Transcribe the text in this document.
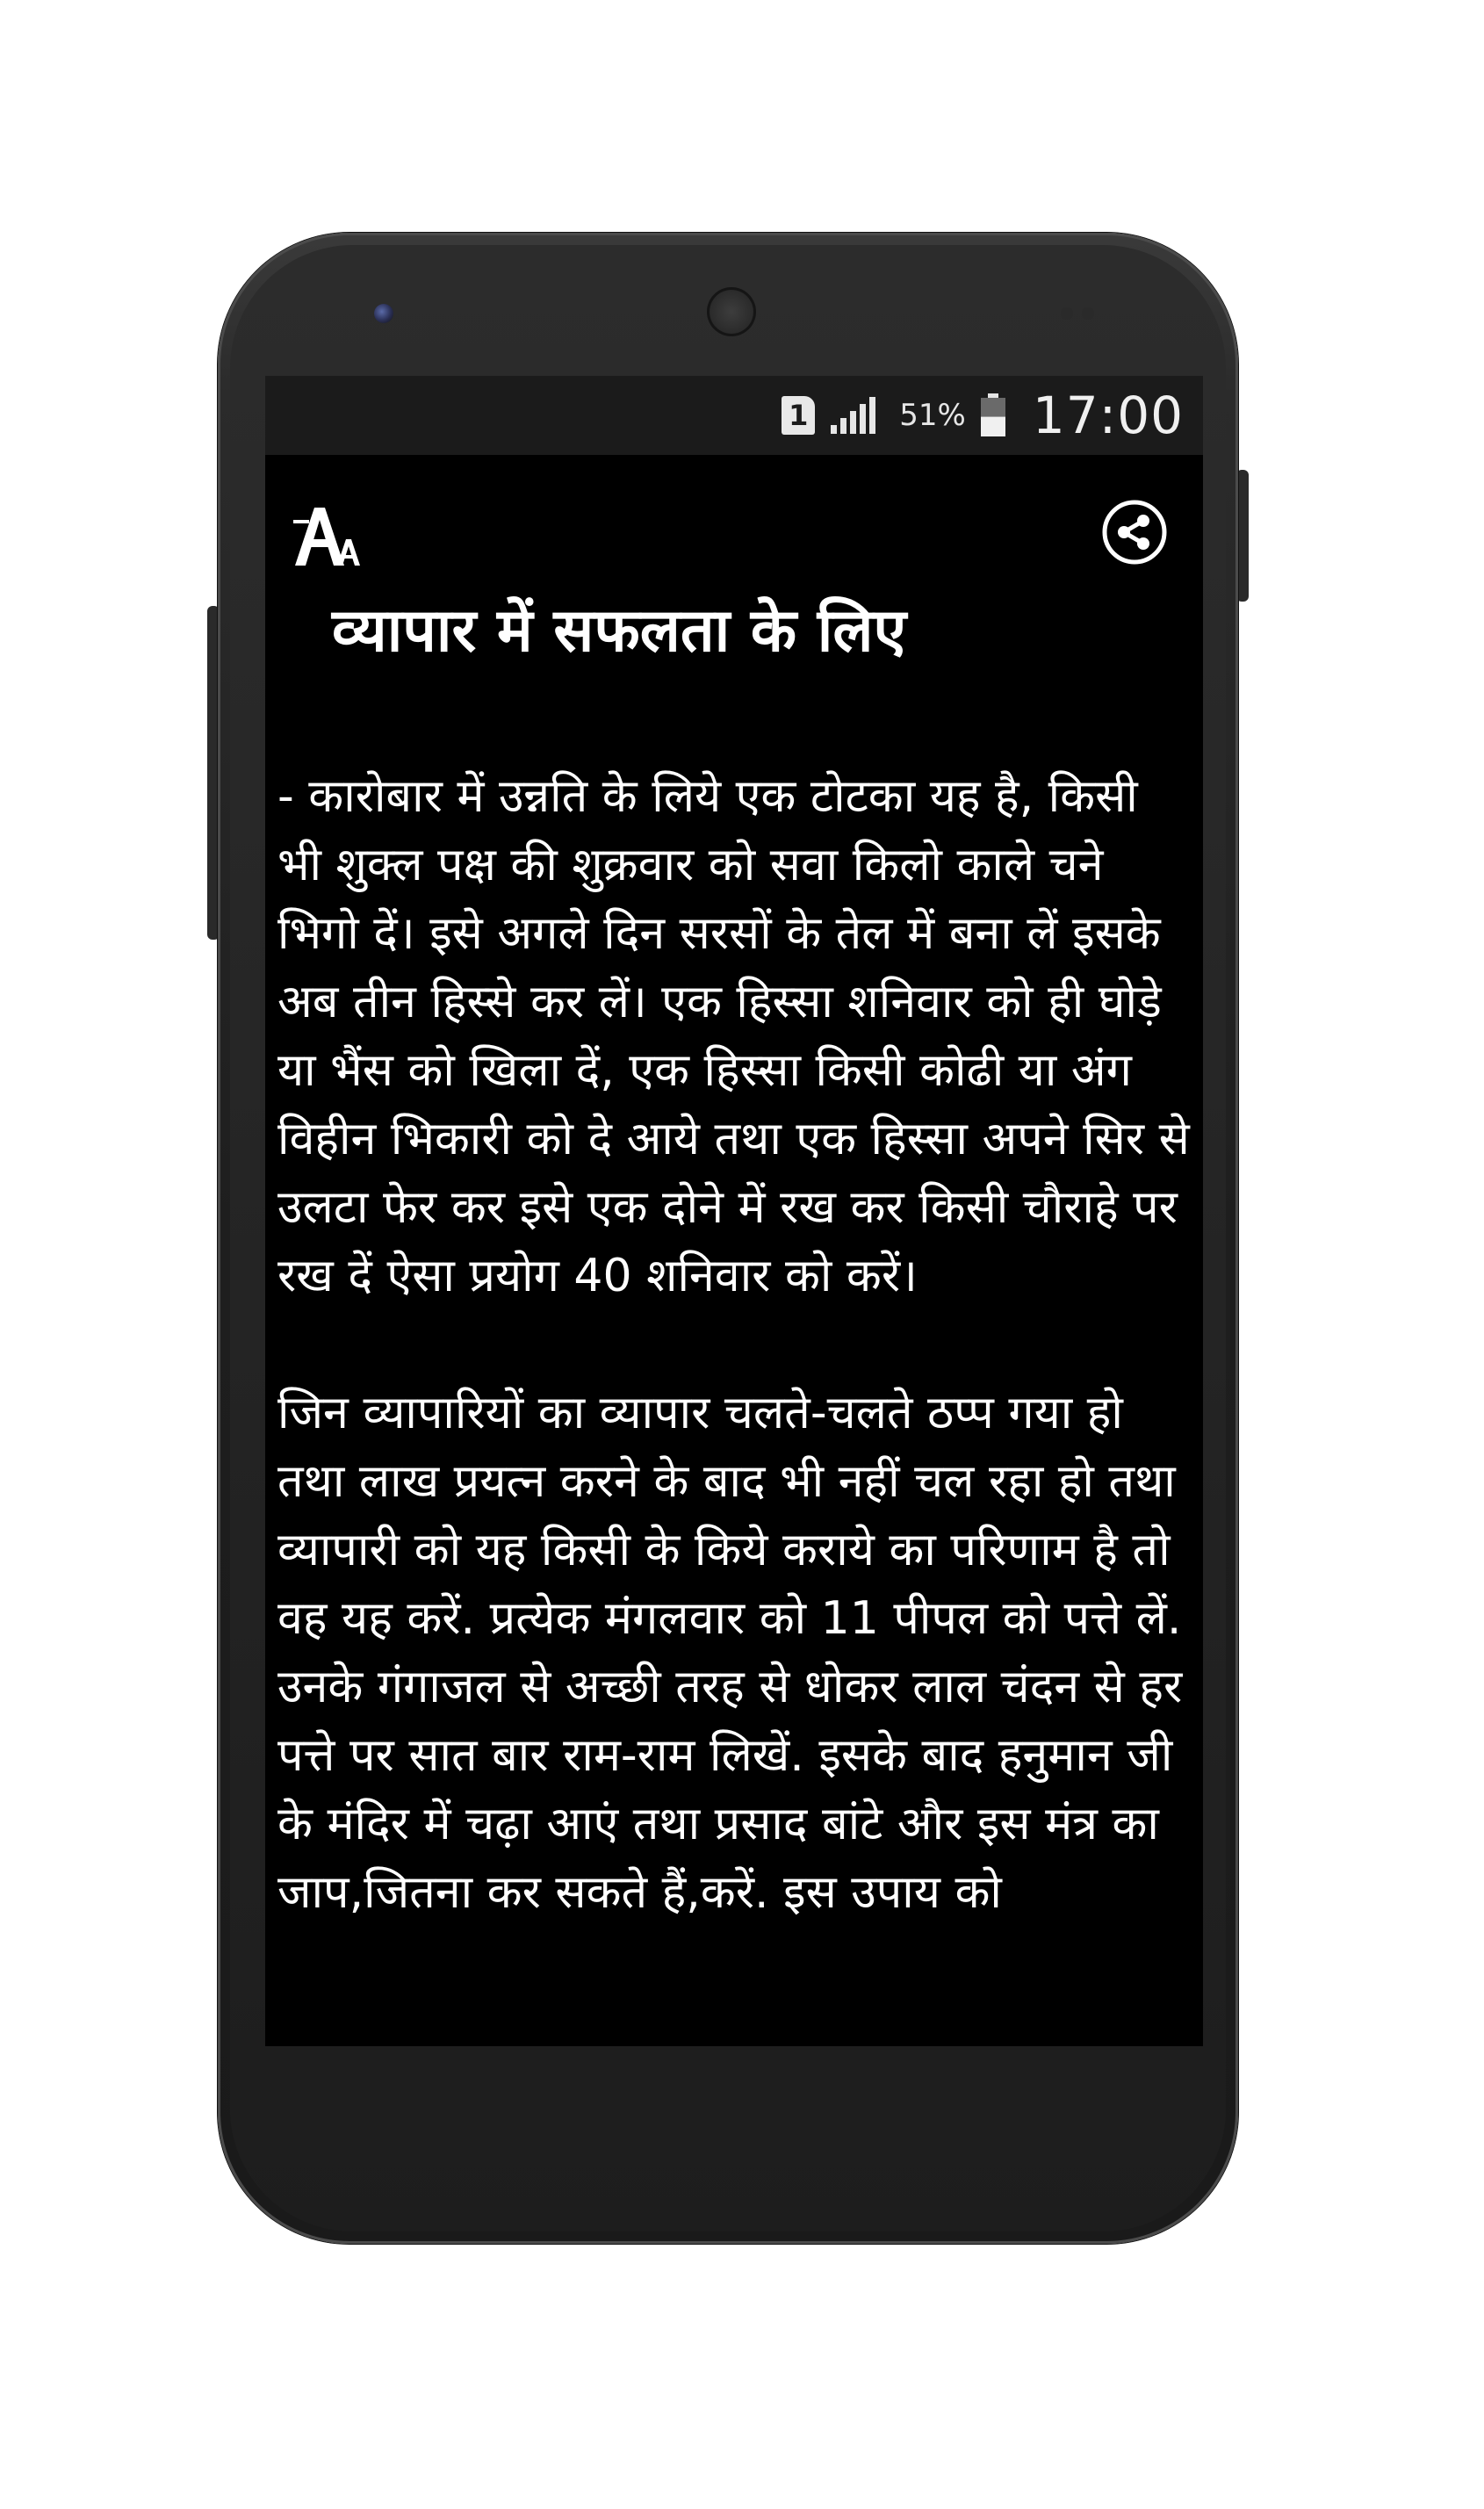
1	51% 17:00
व्यापार में सफलता के लिए

- कारोबार में उन्नति के लिये एक टोटका यह है, किसी भी शुक्ल पक्ष की शुक्रवार को सवा किलो काले चने भिगो दें। इसे अगले दिन सरसों के तेल में बना लें इसके अब तीन हिस्से कर लें। एक हिस्सा शनिवार को ही घोड़े या भैंस को खिला दें, एक हिस्सा किसी कोढी या अंग विहीन भिकारी को दे आये तथा एक हिस्सा अपने सिर से उलटा फेर कर इसे एक दोने में रख कर किसी चौराहे पर रख दें ऐसा प्रयोग 40 शनिवार को करें।

जिन व्यापारियों का व्यापार चलते-चलते ठप्प गया हो तथा लाख प्रयत्न करने के बाद भी नहीं चल रहा हो तथा व्यापारी को यह किसी के किये कराये का परिणाम है तो वह यह करें. प्रत्येक मंगलवार को 11 पीपल को पत्ते लें. उनके गंगाजल से अच्छी तरह से धोकर लाल चंदन से हर पत्ते पर सात बार राम-राम लिखें. इसके बाद हनुमान जी के मंदिर में चढ़ा आएं तथा प्रसाद बांटे और इस मंत्र का जाप,जितना कर सकते हैं,करें. इस उपाय को
